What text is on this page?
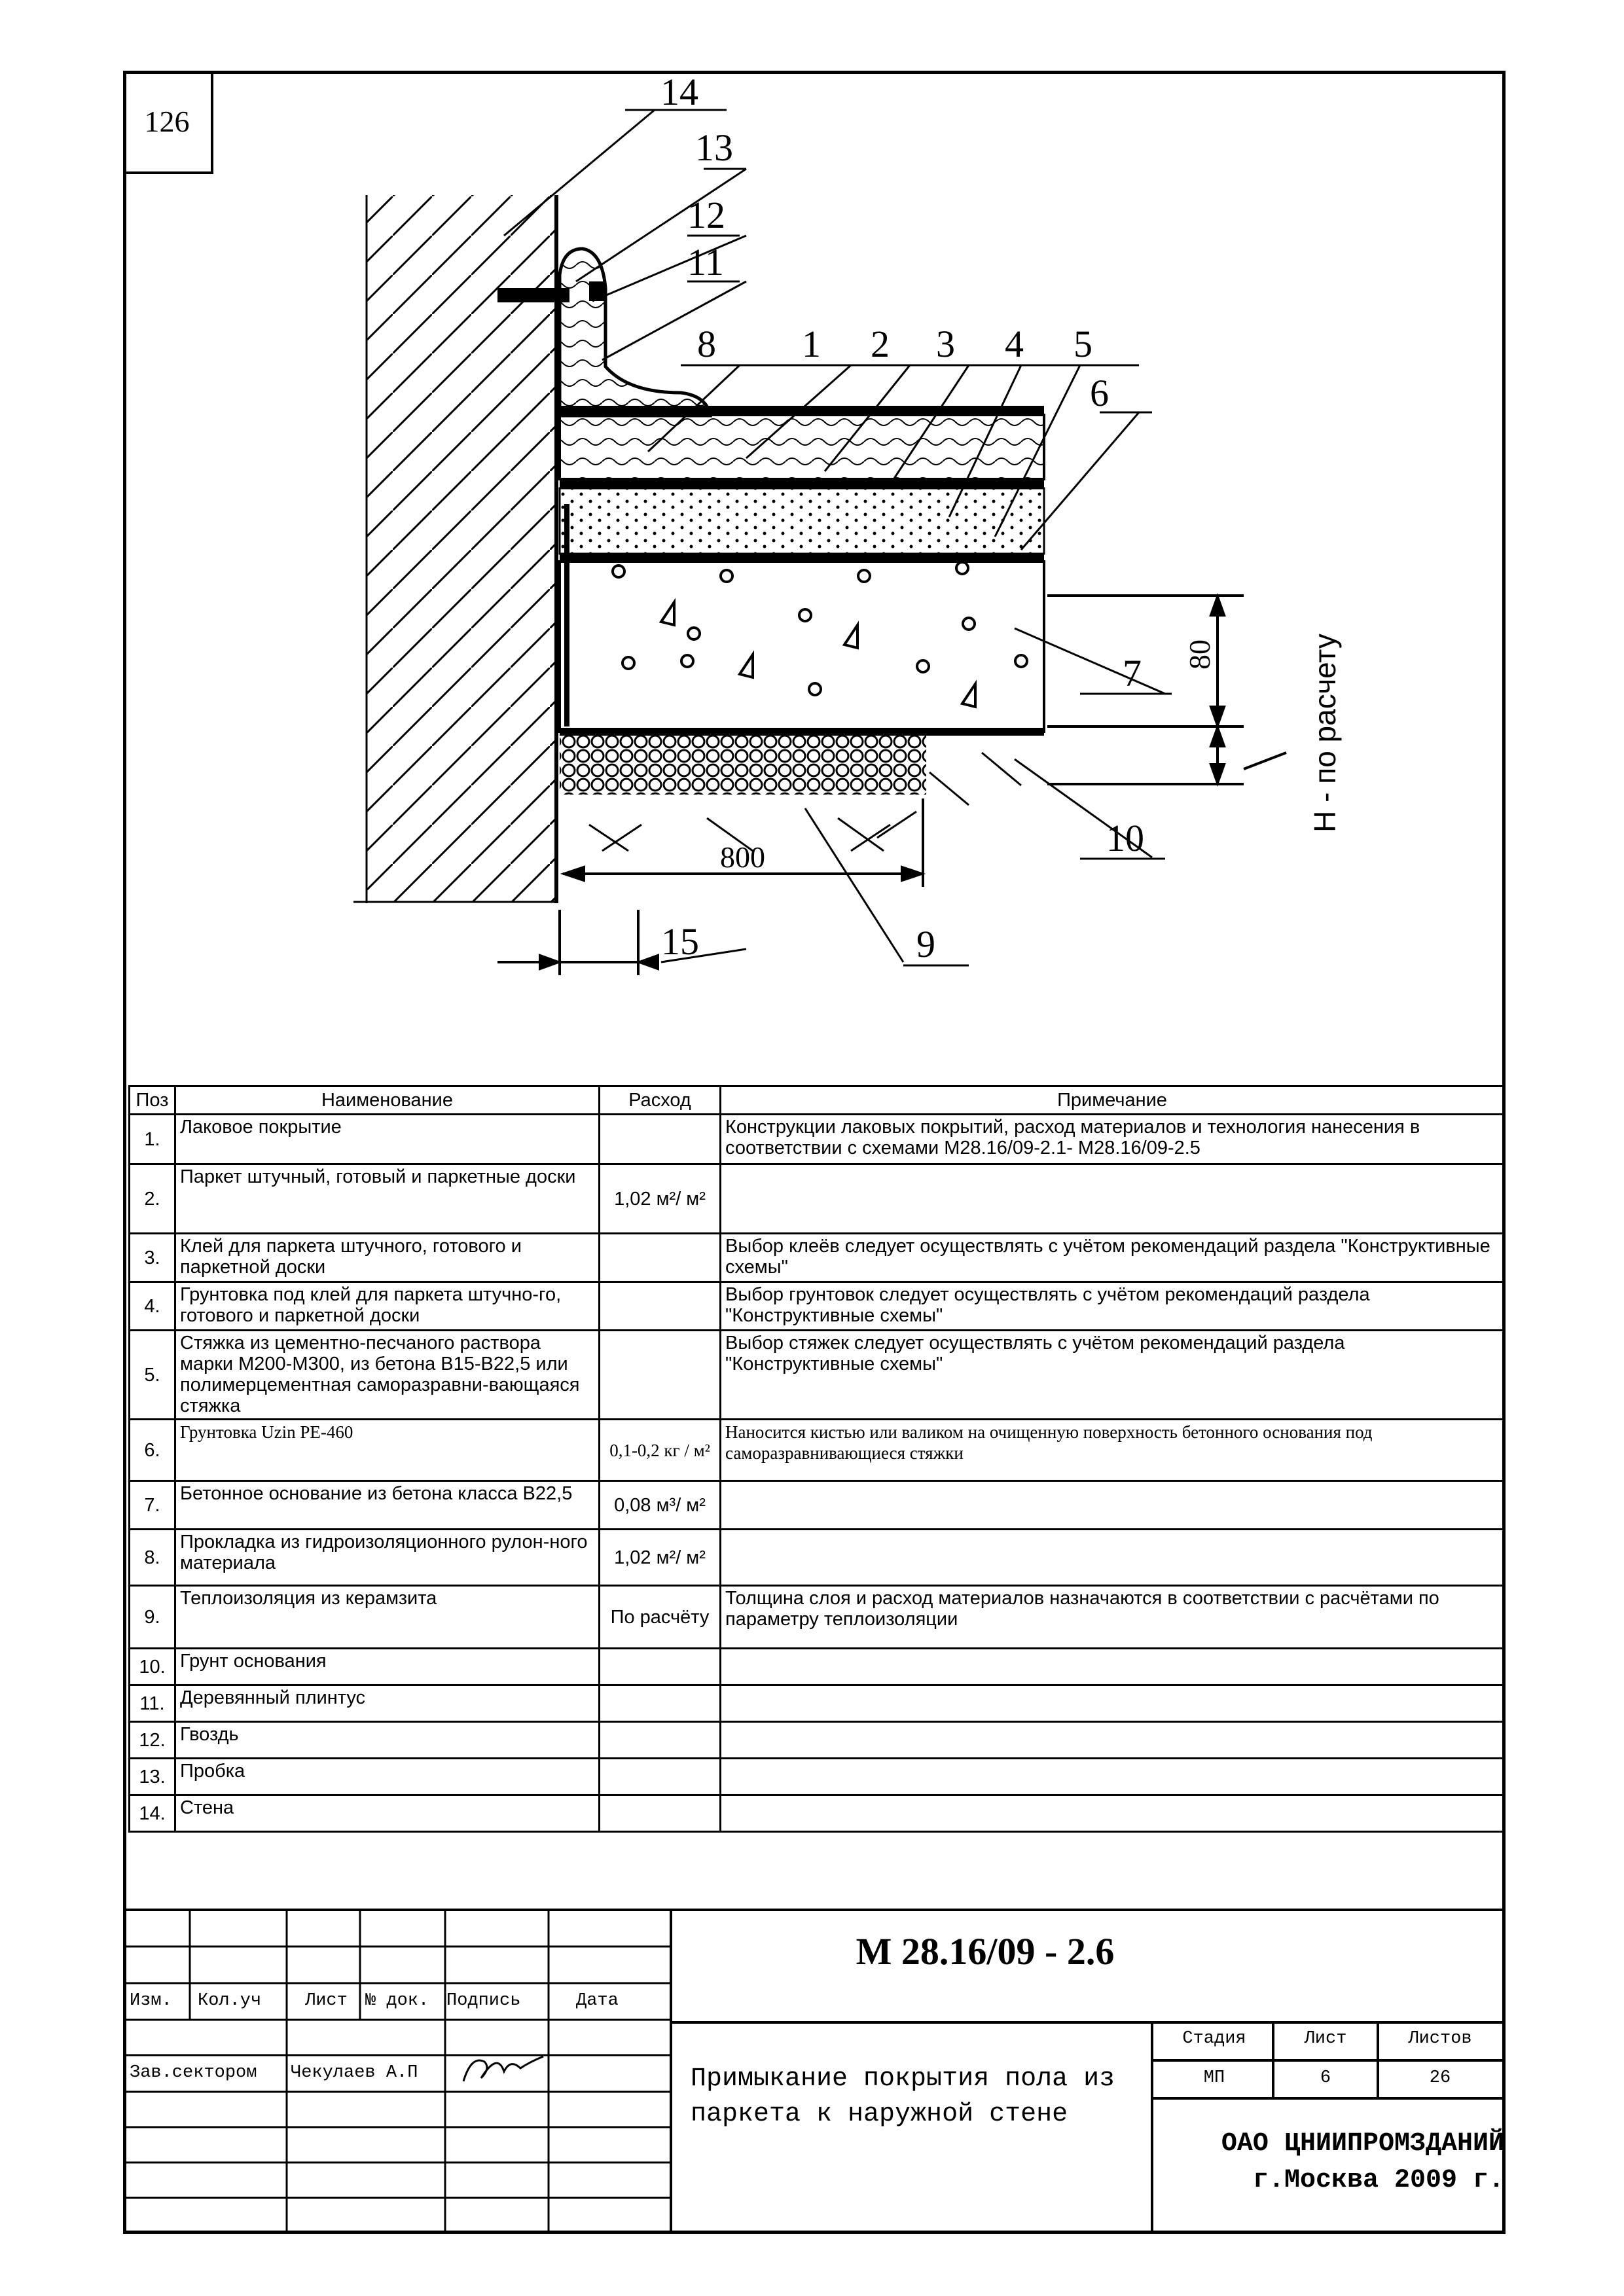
126
14
13
12
11
8 1 2 3 4 5
6
7
10
9
15
80
800
Н - по расчету
Поз	Наименование	Расход	Примечание
1.	Лаковое покрытие		Конструкции лаковых покрытий, расход материалов и технология нанесения в соответствии с схемами М28.16/09-2.1- М28.16/09-2.5
2.	Паркет штучный, готовый и паркетные доски	1,02 м²/ м²	
3.	Клей для паркета штучного, готового и паркетной доски		Выбор клеёв следует осуществлять с учётом рекомендаций раздела "Конструктивные схемы"
4.	Грунтовка под клей для паркета штучно-го, готового и паркетной доски		Выбор грунтовок следует осуществлять с учётом рекомендаций раздела "Конструктивные схемы"
5.	Стяжка из цементно-песчаного раствора марки М200-М300, из бетона В15-В22,5 или полимерцементная саморазравни-вающаяся стяжка		Выбор стяжек следует осуществлять с учётом рекомендаций раздела "Конструктивные схемы"
6.	Грунтовка Uzin PE-460	0,1-0,2 кг / м²	Наносится кистью или валиком на очищенную поверхность бетонного основания под саморазравнивающиеся стяжки
7.	Бетонное основание из бетона класса В22,5	0,08 м³/ м²	
8.	Прокладка из гидроизоляционного рулон-ного материала	1,02 м²/ м²	
9.	Теплоизоляция из керамзита	По расчёту	Толщина слоя и расход материалов назначаются в соответствии с расчётами по параметру теплоизоляции
10.	Грунт основания		
11.	Деревянный плинтус		
12.	Гвоздь		
13.	Пробка		
14.	Стена		
Изм. Кол.уч Лист № док. Подпись	Дата
Зав.сектором Чекулаев А.П
М 28.16/09 - 2.6
Примыкание покрытия пола из паркета к наружной стене
Стадия	Лист	Листов
МП	6	26
ОАО ЦНИИПРОМЗДАНИЙ
г.Москва 2009 г.
